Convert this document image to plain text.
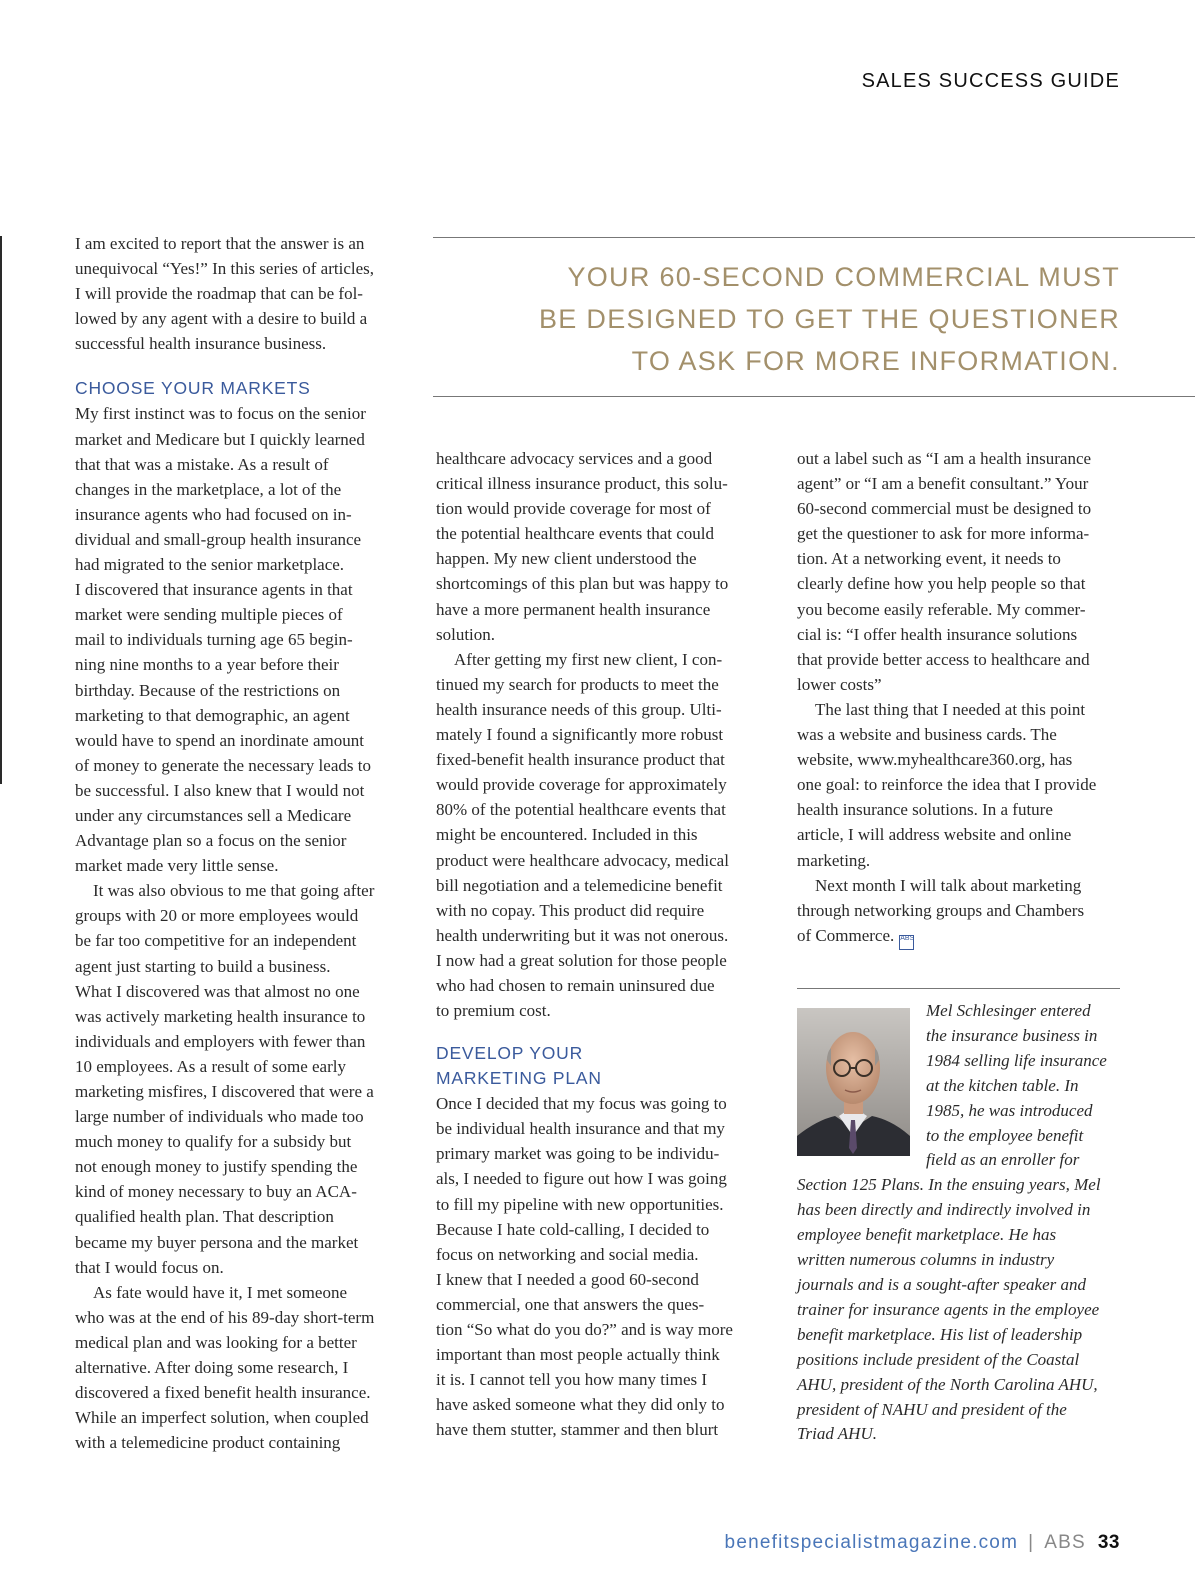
SALES SUCCESS GUIDE
YOUR 60-SECOND COMMERCIAL MUST
BE DESIGNED TO GET THE QUESTIONER
TO ASK FOR MORE INFORMATION.

I am excited to report that the answer is an
unequivocal “Yes!” In this series of articles,
I will provide the roadmap that can be fol-
lowed by any agent with a desire to build a
successful health insurance business.

CHOOSE YOUR MARKETS

My first instinct was to focus on the senior
market and Medicare but I quickly learned
that that was a mistake. As a result of
changes in the marketplace, a lot of the
insurance agents who had focused on in-
dividual and small-group health insurance
had migrated to the senior marketplace.
I discovered that insurance agents in that
market were sending multiple pieces of
mail to individuals turning age 65 begin-
ning nine months to a year before their
birthday. Because of the restrictions on
marketing to that demographic, an agent
would have to spend an inordinate amount
of money to generate the necessary leads to
be successful. I also knew that I would not
under any circumstances sell a Medicare
Advantage plan so a focus on the senior
market made very little sense.

It was also obvious to me that going after
groups with 20 or more employees would
be far too competitive for an independent
agent just starting to build a business.
What I discovered was that almost no one
was actively marketing health insurance to
individuals and employers with fewer than
10 employees. As a result of some early
marketing misfires, I discovered that were a
large number of individuals who made too
much money to qualify for a subsidy but
not enough money to justify spending the
kind of money necessary to buy an ACA-
qualified health plan. That description
became my buyer persona and the market
that I would focus on.

As fate would have it, I met someone
who was at the end of his 89-day short-term
medical plan and was looking for a better
alternative. After doing some research, I
discovered a fixed benefit health insurance.
While an imperfect solution, when coupled
with a telemedicine product containing

healthcare advocacy services and a good
critical illness insurance product, this solu-
tion would provide coverage for most of
the potential healthcare events that could
happen. My new client understood the
shortcomings of this plan but was happy to
have a more permanent health insurance
solution.

After getting my first new client, I con-
tinued my search for products to meet the
health insurance needs of this group. Ulti-
mately I found a significantly more robust
fixed-benefit health insurance product that
would provide coverage for approximately
80% of the potential healthcare events that
might be encountered. Included in this
product were healthcare advocacy, medical
bill negotiation and a telemedicine benefit
with no copay. This product did require
health underwriting but it was not onerous.
I now had a great solution for those people
who had chosen to remain uninsured due
to premium cost.

DEVELOP YOUR
MARKETING PLAN

Once I decided that my focus was going to
be individual health insurance and that my
primary market was going to be individu-
als, I needed to figure out how I was going
to fill my pipeline with new opportunities.
Because I hate cold-calling, I decided to
focus on networking and social media.
I knew that I needed a good 60-second
commercial, one that answers the ques-
tion “So what do you do?” and is way more
important than most people actually think
it is. I cannot tell you how many times I
have asked someone what they did only to
have them stutter, stammer and then blurt

out a label such as “I am a health insurance
agent” or “I am a benefit consultant.” Your
60-second commercial must be designed to
get the questioner to ask for more informa-
tion. At a networking event, it needs to
clearly define how you help people so that
you become easily referable. My commer-
cial is: “I offer health insurance solutions
that provide better access to healthcare and
lower costs”

The last thing that I needed at this point
was a website and business cards. The
website, www.myhealthcare360.org, has
one goal: to reinforce the idea that I provide
health insurance solutions. In a future
article, I will address website and online
marketing.

Next month I will talk about marketing
through networking groups and Chambers
of Commerce. ABS

Mel Schlesinger entered
the insurance business in
1984 selling life insurance
at the kitchen table. In
1985, he was introduced
to the employee benefit
field as an enroller for
Section 125 Plans. In the ensuing years, Mel
has been directly and indirectly involved in
employee benefit marketplace. He has
written numerous columns in industry
journals and is a sought-after speaker and
trainer for insurance agents in the employee
benefit marketplace. His list of leadership
positions include president of the Coastal
AHU, president of the North Carolina AHU,
president of NAHU and president of the
Triad AHU.

benefitspecialistmagazine.com | ABS 33
